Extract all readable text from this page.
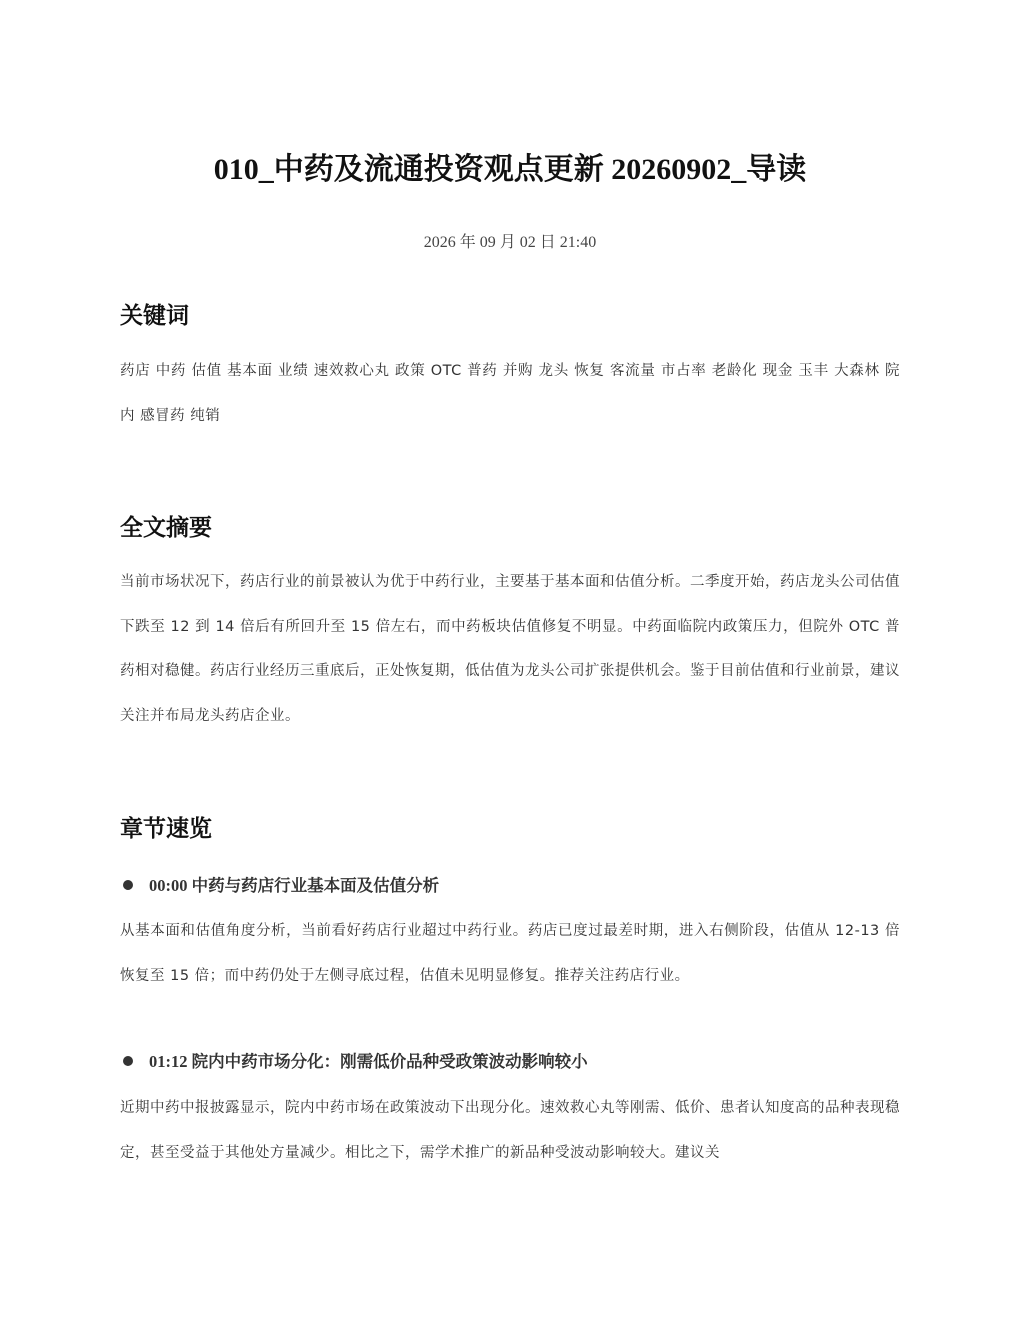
010_中药及流通投资观点更新 20260902_导读
2026 年 09 月 02 日 21:40
关键词

药店 中药 估值 基本面 业绩 速效救心丸 政策 OTC 普药 并购 龙头 恢复 客流量 市占率 老龄化 现金 玉丰 大森林 院内 感冒药 纯销

全文摘要

当前市场状况下，药店行业的前景被认为优于中药行业，主要基于基本面和估值分析。二季度开始，药店龙头公司估值下跌至 12 到 14 倍后有所回升至 15 倍左右，而中药板块估值修复不明显。中药面临院内政策压力，但院外 OTC 普药相对稳健。药店行业经历三重底后，正处恢复期，低估值为龙头公司扩张提供机会。鉴于目前估值和行业前景，建议关注并布局龙头药店企业。

章节速览
00:00 中药与药店行业基本面及估值分析

从基本面和估值角度分析，当前看好药店行业超过中药行业。药店已度过最差时期，进入右侧阶段，估值从 12-13 倍恢复至 15 倍；而中药仍处于左侧寻底过程，估值未见明显修复。推荐关注药店行业。

01:12 院内中药市场分化：刚需低价品种受政策波动影响较小

近期中药中报披露显示，院内中药市场在政策波动下出现分化。速效救心丸等刚需、低价、患者认知度高的品种表现稳定，甚至受益于其他处方量减少。相比之下，需学术推广的新品种受波动影响较大。建议关
